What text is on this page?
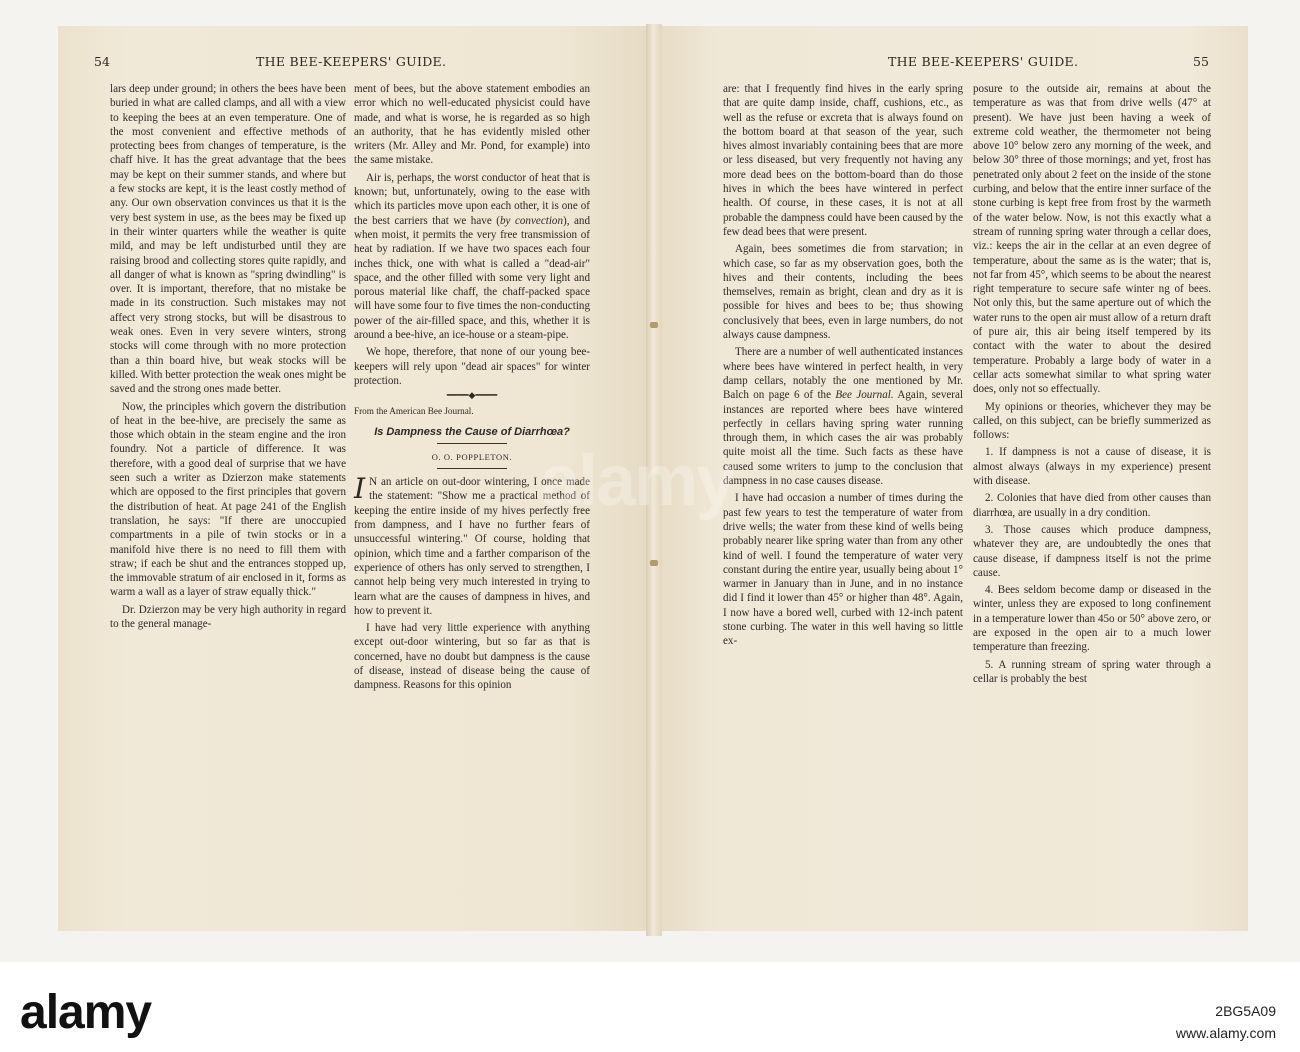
54	THE BEE-KEEPERS' GUIDE.	THE BEE-KEEPERS' GUIDE.	55

lars deep under ground; in others the bees have been buried in what are called clamps, and all with a view to keeping the bees at an even temperature. One of the most convenient and effective methods of protecting bees from changes of temperature, is the chaff hive. It has the great advantage that the bees may be kept on their summer stands, and where but a few stocks are kept, it is the least costly method of any. Our own observation convinces us that it is the very best system in use, as the bees may be fixed up in their winter quarters while the weather is quite mild, and may be left undisturbed until they are raising brood and collecting stores quite rapidly, and all danger of what is known as "spring dwindling" is over. It is important, therefore, that no mistake be made in its construction. Such mistakes may not affect very strong stocks, but will be disastrous to weak ones. Even in very severe winters, strong stocks will come through with no more protection than a thin board hive, but weak stocks will be killed. With better protection the weak ones might be saved and the strong ones made better.

Now, the principles which govern the distribution of heat in the bee-hive, are precisely the same as those which obtain in the steam engine and the iron foundry. Not a particle of difference. It was therefore, with a good deal of surprise that we have seen such a writer as Dzierzon make statements which are opposed to the first principles that govern the distribution of heat. At page 241 of the English translation, he says: "If there are unoccupied compartments in a pile of twin stocks or in a manifold hive there is no need to fill them with straw; if each be shut and the entrances stopped up, the immovable stratum of air enclosed in it, forms as warm a wall as a layer of straw equally thick."

Dr. Dzierzon may be very high authority in regard to the general manage-

ment of bees, but the above statement embodies an error which no well-educated physicist could have made, and what is worse, he is regarded as so high an authority, that he has evidently misled other writers (Mr. Alley and Mr. Pond, for example) into the same mistake.

Air is, perhaps, the worst conductor of heat that is known; but, unfortunately, owing to the ease with which its particles move upon each other, it is one of the best carriers that we have (by convection), and when moist, it permits the very free transmission of heat by radiation. If we have two spaces each four inches thick, one with what is called a "dead-air" space, and the other filled with some very light and porous material like chaff, the chaff-packed space will have some four to five times the non-conducting power of the air-filled space, and this, whether it is around a bee-hive, an ice-house or a steam-pipe.

We hope, therefore, that none of our young bee-keepers will rely upon "dead air spaces" for winter protection.

━━━━◆━━━━
From the American Bee Journal.
Is Dampness the Cause of Diarrhœa?
O. O. POPPLETON.

I N an article on out-door wintering, I once made the statement: "Show me a practical method of keeping the entire inside of my hives perfectly free from dampness, and I have no further fears of unsuccessful wintering." Of course, holding that opinion, which time and a farther comparison of the experience of others has only served to strengthen, I cannot help being very much interested in trying to learn what are the causes of dampness in hives, and how to prevent it.

I have had very little experience with anything except out-door wintering, but so far as that is concerned, have no doubt but dampness is the cause of disease, instead of disease being the cause of dampness. Reasons for this opinion

are: that I frequently find hives in the early spring that are quite damp inside, chaff, cushions, etc., as well as the refuse or excreta that is always found on the bottom board at that season of the year, such hives almost invariably containing bees that are more or less diseased, but very frequently not having any more dead bees on the bottom-board than do those hives in which the bees have wintered in perfect health. Of course, in these cases, it is not at all probable the dampness could have been caused by the few dead bees that were present.

Again, bees sometimes die from starvation; in which case, so far as my observation goes, both the hives and their contents, including the bees themselves, remain as bright, clean and dry as it is possible for hives and bees to be; thus showing conclusively that bees, even in large numbers, do not always cause dampness.

There are a number of well authenticated instances where bees have wintered in perfect health, in very damp cellars, notably the one mentioned by Mr. Balch on page 6 of the Bee Journal. Again, several instances are reported where bees have wintered perfectly in cellars having spring water running through them, in which cases the air was probably quite moist all the time. Such facts as these have caused some writers to jump to the conclusion that dampness in no case causes disease.

I have had occasion a number of times during the past few years to test the temperature of water from drive wells; the water from these kind of wells being probably nearer like spring water than from any other kind of well. I found the temperature of water very constant during the entire year, usually being about 1° warmer in January than in June, and in no instance did I find it lower than 45° or higher than 48°. Again, I now have a bored well, curbed with 12-inch patent stone curbing. The water in this well having so little ex-

posure to the outside air, remains at about the temperature as was that from drive wells (47° at present). We have just been having a week of extreme cold weather, the thermometer not being above 10° below zero any morning of the week, and below 30° three of those mornings; and yet, frost has penetrated only about 2 feet on the inside of the stone curbing, and below that the entire inner surface of the stone curbing is kept free from frost by the warmeth of the water below. Now, is not this exactly what a stream of running spring water through a cellar does, viz.: keeps the air in the cellar at an even degree of temperature, about the same as is the water; that is, not far from 45°, which seems to be about the nearest right temperature to secure safe winter ng of bees. Not only this, but the same aperture out of which the water runs to the open air must allow of a return draft of pure air, this air being itself tempered by its contact with the water to about the desired temperature. Probably a large body of water in a cellar acts somewhat similar to what spring water does, only not so effectually.

My opinions or theories, whichever they may be called, on this subject, can be briefly summerized as follows:

1. If dampness is not a cause of disease, it is almost always (always in my experience) present with disease.

2. Colonies that have died from other causes than diarrhœa, are usually in a dry condition.

3. Those causes which produce dampness, whatever they are, are undoubtedly the ones that cause disease, if dampness itself is not the prime cause.

4. Bees seldom become damp or diseased in the winter, unless they are exposed to long confinement in a temperature lower than 45o or 50° above zero, or are exposed in the open air to a much lower temperature than freezing.

5. A running stream of spring water through a cellar is probably the best

alamy
alamy	2BG5A09
www.alamy.com
